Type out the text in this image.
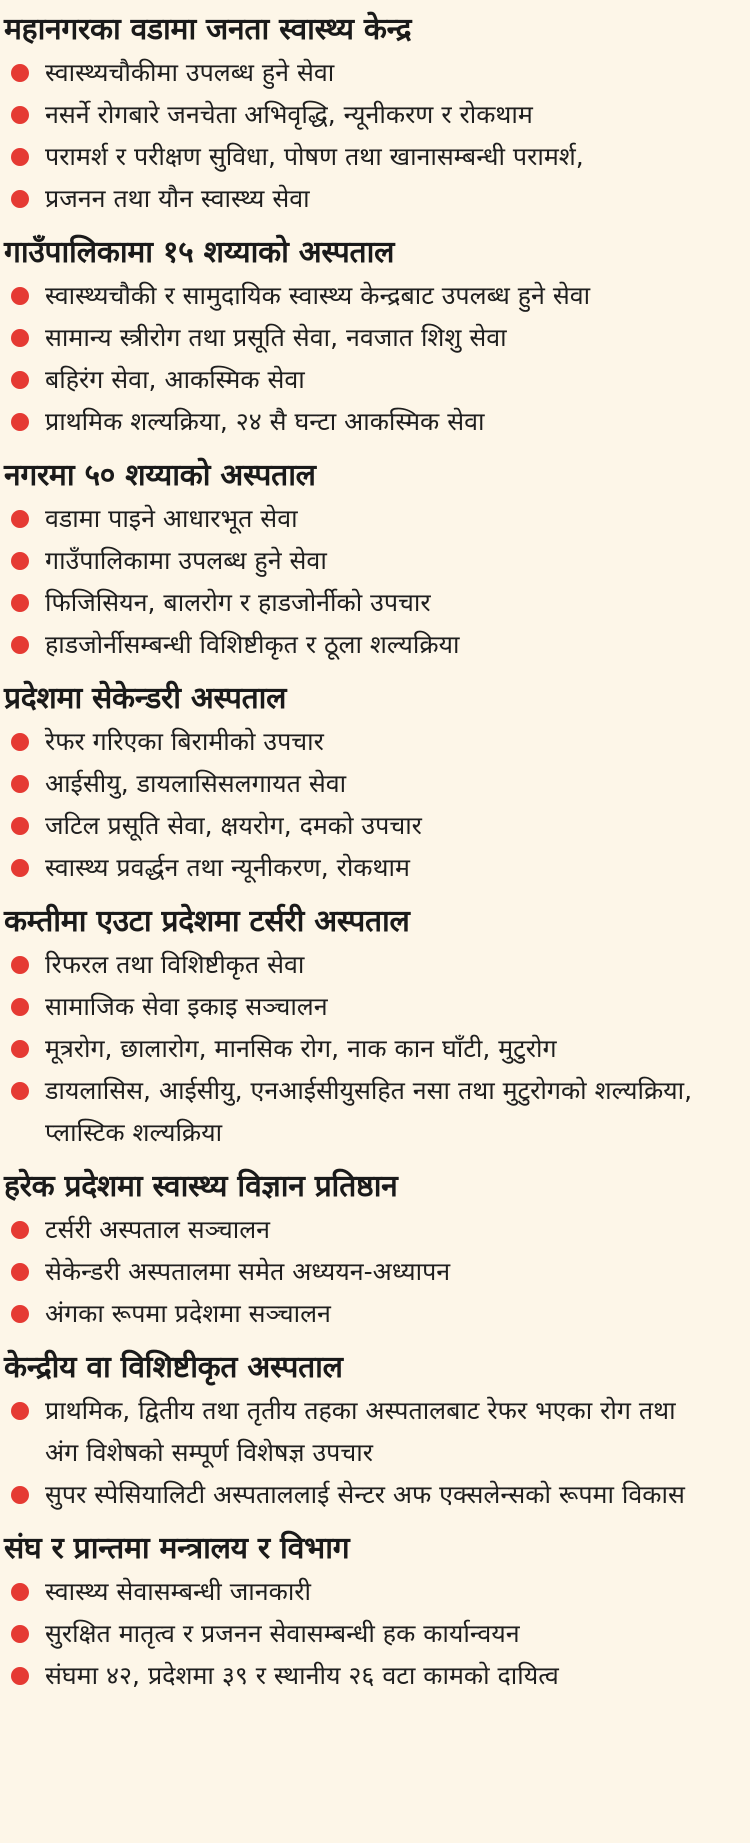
महानगरका वडामा जनता स्वास्थ्य केन्द्र
स्वास्थ्यचौकीमा उपलब्ध हुने सेवा
नसर्ने रोगबारे जनचेता अभिवृद्धि, न्यूनीकरण र रोकथाम
परामर्श र परीक्षण सुविधा, पोषण तथा खानासम्बन्धी परामर्श,
प्रजनन तथा यौन स्वास्थ्य सेवा
गाउँपालिकामा १५ शय्याको अस्पताल
स्वास्थ्यचौकी र सामुदायिक स्वास्थ्य केन्द्रबाट उपलब्ध हुने सेवा
सामान्य स्त्रीरोग तथा प्रसूति सेवा, नवजात शिशु सेवा
बहिरंग सेवा, आकस्मिक सेवा
प्राथमिक शल्यक्रिया, २४ सै घन्टा आकस्मिक सेवा
नगरमा ५० शय्याको अस्पताल
वडामा पाइने आधारभूत सेवा
गाउँपालिकामा उपलब्ध हुने सेवा
फिजिसियन, बालरोग र हाडजोर्नीको उपचार
हाडजोर्नीसम्बन्धी विशिष्टीकृत र ठूला शल्यक्रिया
प्रदेशमा सेकेन्डरी अस्पताल
रेफर गरिएका बिरामीको उपचार
आईसीयु, डायलासिसलगायत सेवा
जटिल प्रसूति सेवा, क्षयरोग, दमको उपचार
स्वास्थ्य प्रवर्द्धन तथा न्यूनीकरण, रोकथाम
कम्तीमा एउटा प्रदेशमा टर्सरी अस्पताल
रिफरल तथा विशिष्टीकृत सेवा
सामाजिक सेवा इकाइ सञ्चालन
मूत्ररोग, छालारोग, मानसिक रोग, नाक कान घाँटी, मुटुरोग
डायलासिस, आईसीयु, एनआईसीयुसहित नसा तथा मुटुरोगको शल्यक्रिया, प्लास्टिक शल्यक्रिया
हरेक प्रदेशमा स्वास्थ्य विज्ञान प्रतिष्ठान
टर्सरी अस्पताल सञ्चालन
सेकेन्डरी अस्पतालमा समेत अध्ययन-अध्यापन
अंगका रूपमा प्रदेशमा सञ्चालन
केन्द्रीय वा विशिष्टीकृत अस्पताल
प्राथमिक, द्वितीय तथा तृतीय तहका अस्पतालबाट रेफर भएका रोग तथा अंग विशेषको सम्पूर्ण विशेषज्ञ उपचार
सुपर स्पेसियालिटी अस्पताललाई सेन्टर अफ एक्सलेन्सको रूपमा विकास
संघ र प्रान्तमा मन्त्रालय र विभाग
स्वास्थ्य सेवासम्बन्धी जानकारी
सुरक्षित मातृत्व र प्रजनन सेवासम्बन्धी हक कार्यान्वयन
संघमा ४२, प्रदेशमा ३९ र स्थानीय २६ वटा कामको दायित्व
